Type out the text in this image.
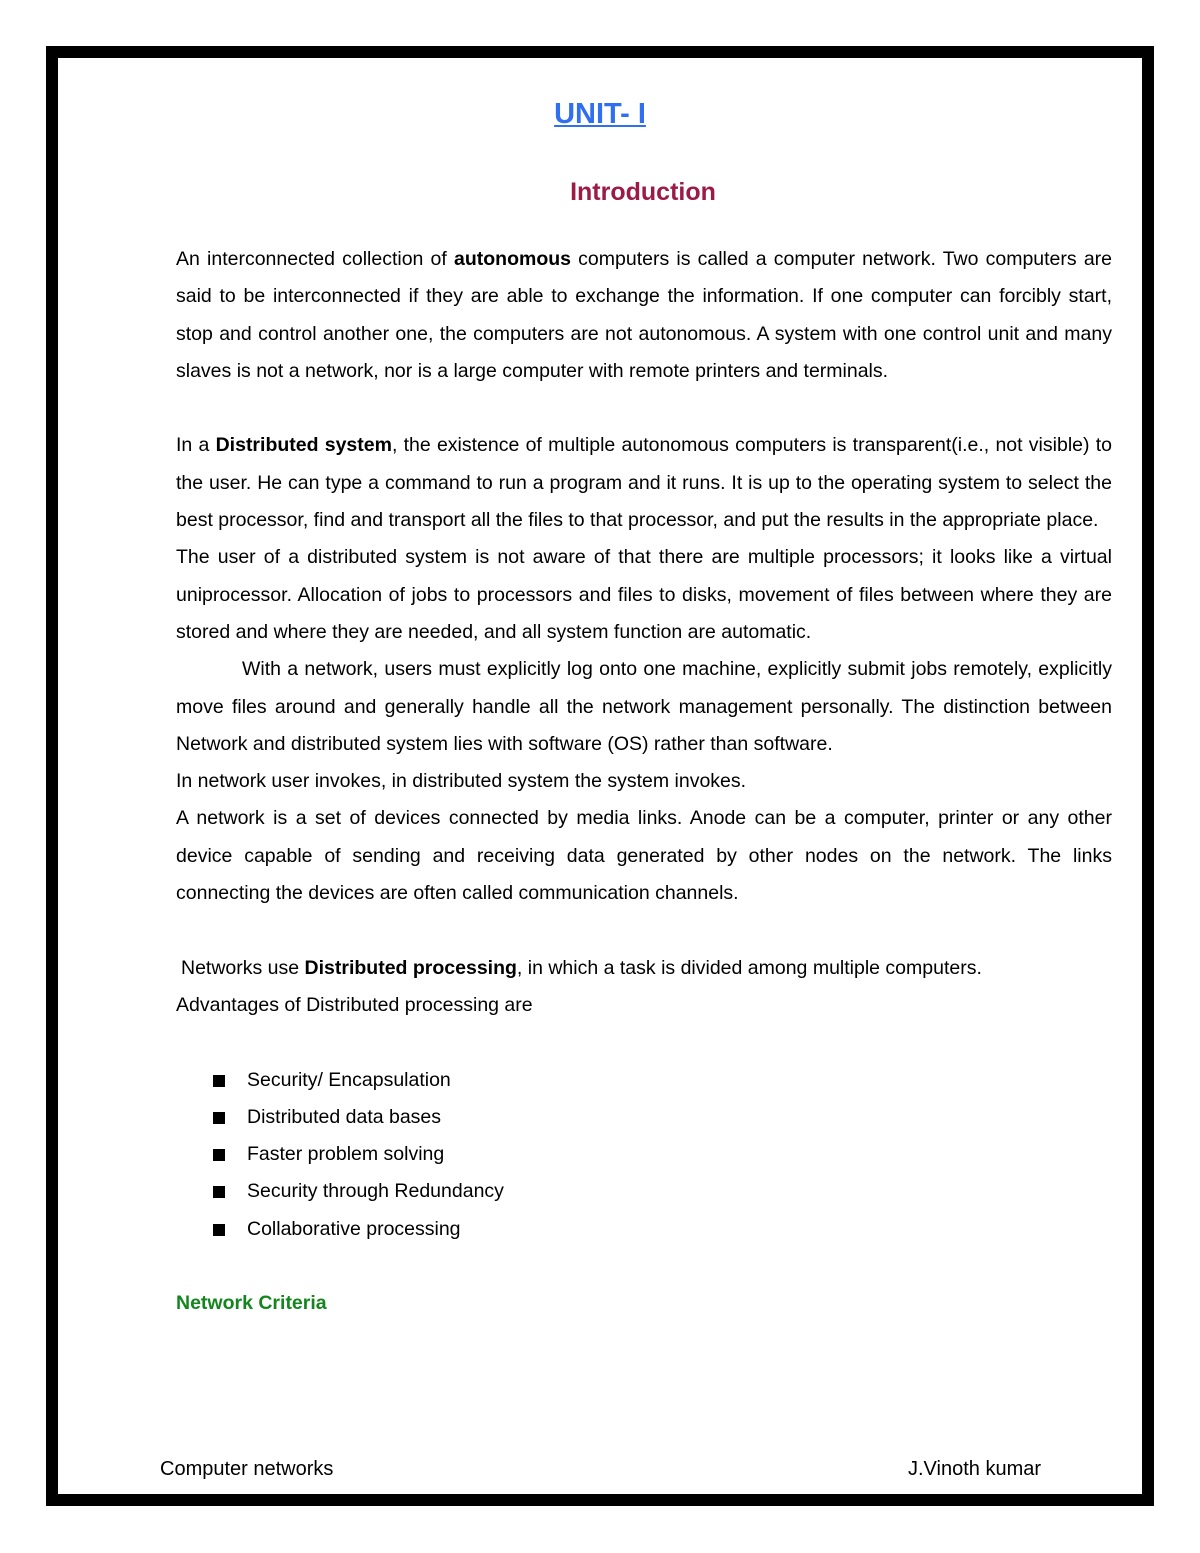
UNIT- I
Introduction

An interconnected collection of autonomous computers is called a computer network. Two computers are said to be interconnected if they are able to exchange the information. If one computer can forcibly start, stop and control another one, the computers are not autonomous. A system with one control unit and many slaves is not a network, nor is a large computer with remote printers and terminals.

In a Distributed system, the existence of multiple autonomous computers is transparent(i.e., not visible) to the user. He can type a command to run a program and it runs. It is up to the operating system to select the best processor, find and transport all the files to that processor, and put the results in the appropriate place.

The user of a distributed system is not aware of that there are multiple processors; it looks like a virtual uniprocessor. Allocation of jobs to processors and files to disks, movement of files between where they are stored and where they are needed, and all system function are automatic.

With a network, users must explicitly log onto one machine, explicitly submit jobs remotely, explicitly move files around and generally handle all the network management personally. The distinction between Network and distributed system lies with software (OS) rather than software.

In network user invokes, in distributed system the system invokes.

A network is a set of devices connected by media links. Anode can be a computer, printer or any other device capable of sending and receiving data generated by other nodes on the network. The links connecting the devices are often called communication channels.

Networks use Distributed processing, in which a task is divided among multiple computers.

Advantages of Distributed processing are

Security/ Encapsulation
Distributed data bases
Faster problem solving
Security through Redundancy
Collaborative processing

Network Criteria

Computer networks	J.Vinoth kumar
